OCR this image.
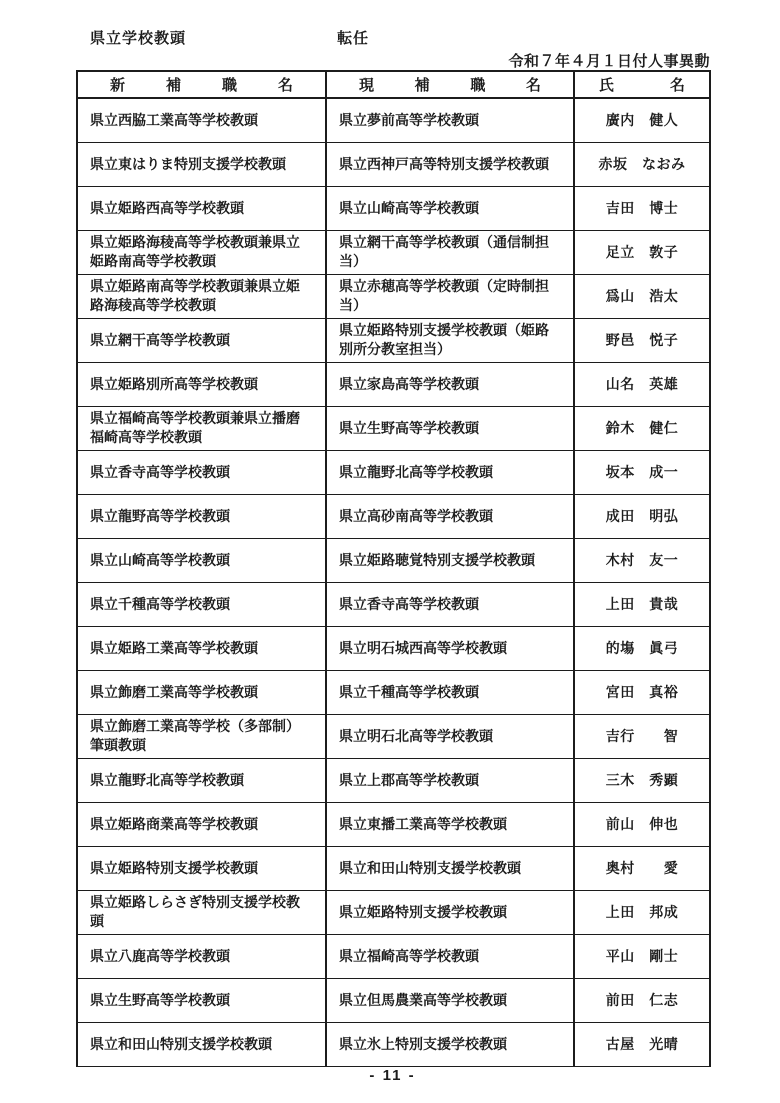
県立学校教頭	転任
令和７年４月１日付人事異動
新 補 職 名	現 補 職 名	氏 名

県立西脇工業高等学校教頭	県立夢前高等学校教頭	廣内　健人
県立東はりま特別支援学校教頭	県立西神戸高等特別支援学校教頭	赤坂　なおみ
県立姫路西高等学校教頭	県立山崎高等学校教頭	吉田　博士
県立姫路海稜高等学校教頭兼県立姫路南高等学校教頭	県立網干高等学校教頭（通信制担当）	足立　敦子
県立姫路南高等学校教頭兼県立姫路海稜高等学校教頭	県立赤穂高等学校教頭（定時制担当）	爲山　浩太
県立網干高等学校教頭	県立姫路特別支援学校教頭（姫路別所分教室担当）	野邑　悦子
県立姫路別所高等学校教頭	県立家島高等学校教頭	山名　英雄
県立福崎高等学校教頭兼県立播磨福崎高等学校教頭	県立生野高等学校教頭	鈴木　健仁
県立香寺高等学校教頭	県立龍野北高等学校教頭	坂本　成一
県立龍野高等学校教頭	県立高砂南高等学校教頭	成田　明弘
県立山崎高等学校教頭	県立姫路聴覚特別支援学校教頭	木村　友一
県立千種高等学校教頭	県立香寺高等学校教頭	上田　貴哉
県立姫路工業高等学校教頭	県立明石城西高等学校教頭	的塲　眞弓
県立飾磨工業高等学校教頭	県立千種高等学校教頭	宮田　真裕
県立飾磨工業高等学校（多部制）筆頭教頭	県立明石北高等学校教頭	吉行　　智
県立龍野北高等学校教頭	県立上郡高等学校教頭	三木　秀顕
県立姫路商業高等学校教頭	県立東播工業高等学校教頭	前山　伸也
県立姫路特別支援学校教頭	県立和田山特別支援学校教頭	奥村　　愛
県立姫路しらさぎ特別支援学校教頭	県立姫路特別支援学校教頭	上田　邦成
県立八鹿高等学校教頭	県立福崎高等学校教頭	平山　剛士
県立生野高等学校教頭	県立但馬農業高等学校教頭	前田　仁志
県立和田山特別支援学校教頭	県立氷上特別支援学校教頭	古屋　光晴
- 11 -
